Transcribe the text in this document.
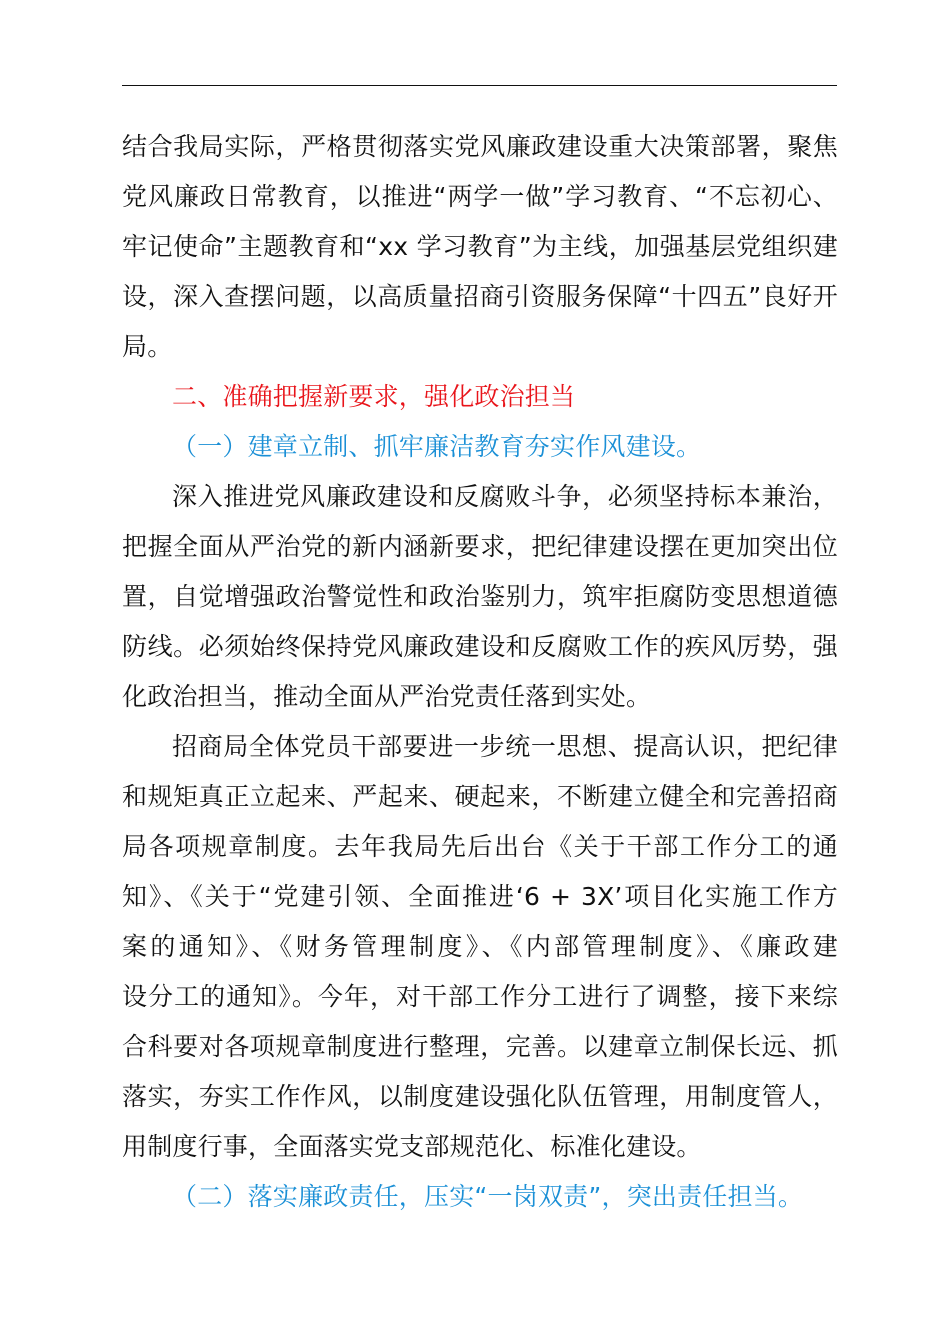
结合我局实际，严格贯彻落实党风廉政建设重大决策部署，聚焦
党风廉政日常教育，以推进“两学一做”学习教育、“不忘初心、
牢记使命”主题教育和“xx 学习教育”为主线，加强基层党组织建
设，深入查摆问题，以高质量招商引资服务保障“十四五”良好开
局。
二、准确把握新要求，强化政治担当
（一）建章立制、抓牢廉洁教育夯实作风建设。
深入推进党风廉政建设和反腐败斗争，必须坚持标本兼治，
把握全面从严治党的新内涵新要求，把纪律建设摆在更加突出位
置，自觉增强政治警觉性和政治鉴别力，筑牢拒腐防变思想道德
防线。必须始终保持党风廉政建设和反腐败工作的疾风厉势，强
化政治担当，推动全面从严治党责任落到实处。
招商局全体党员干部要进一步统一思想、提高认识，把纪律
和规矩真正立起来、严起来、硬起来，不断建立健全和完善招商
局各项规章制度。去年我局先后出台《关于干部工作分工的通
知》、《关于“党建引领、全面推进‘6 + 3X’项目化实施工作方
案的通知》、《财务管理制度》、《内部管理制度》、《廉政建
设分工的通知》。今年，对干部工作分工进行了调整，接下来综
合科要对各项规章制度进行整理，完善。以建章立制保长远、抓
落实，夯实工作作风，以制度建设强化队伍管理，用制度管人，
用制度行事，全面落实党支部规范化、标准化建设。
（二）落实廉政责任，压实“一岗双责”，突出责任担当。
